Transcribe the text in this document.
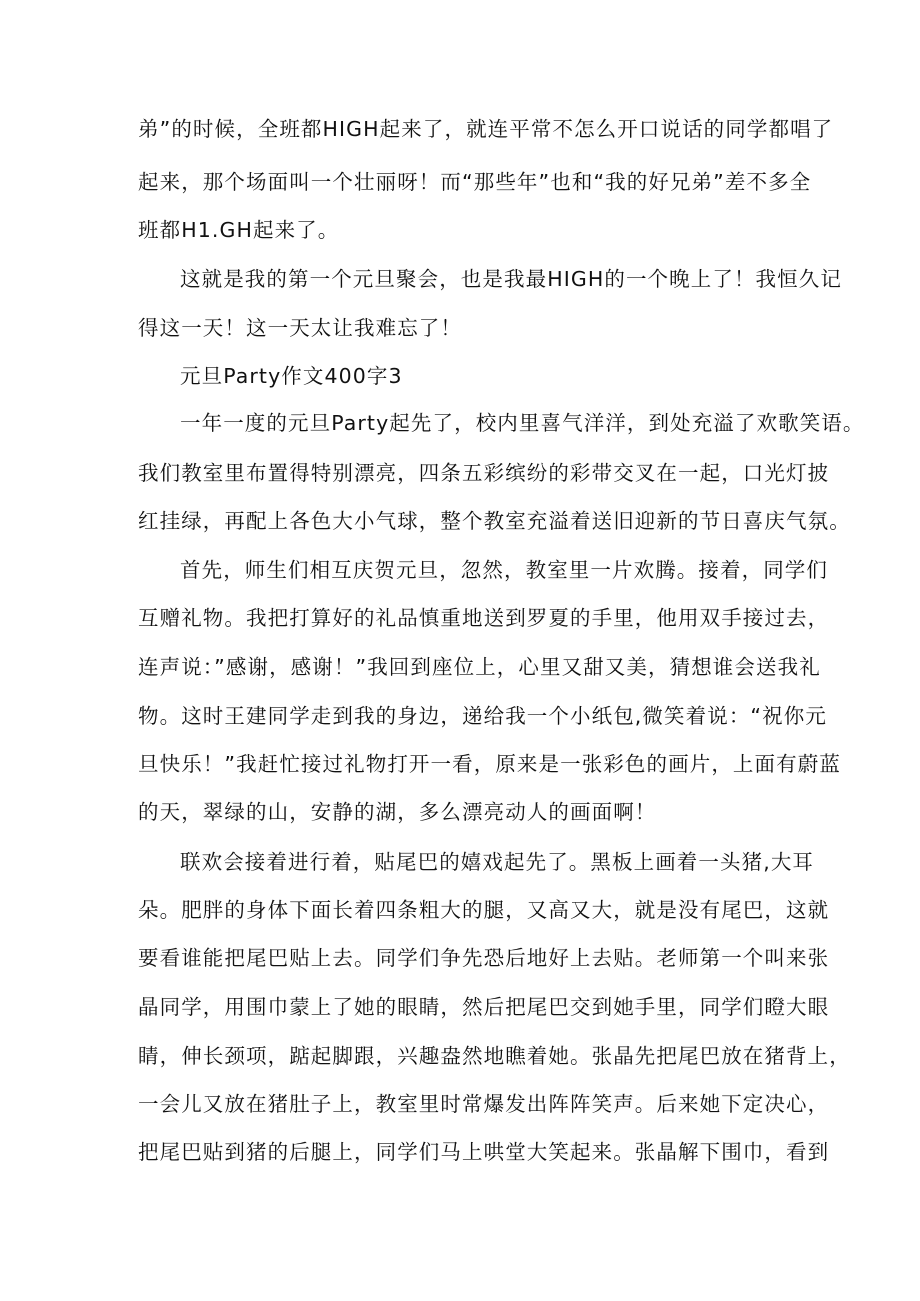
弟”的时候，全班都HIGH起来了，就连平常不怎么开口说话的同学都唱了
起来，那个场面叫一个壮丽呀！而“那些年”也和“我的好兄弟”差不多全
班都H1.GH起来了。
这就是我的第一个元旦聚会，也是我最HIGH的一个晚上了！我恒久记
得这一天！这一天太让我难忘了！
元旦Party作文400字3
一年一度的元旦Party起先了，校内里喜气洋洋，到处充溢了欢歌笑语。
我们教室里布置得特别漂亮，四条五彩缤纷的彩带交叉在一起，口光灯披
红挂绿，再配上各色大小气球，整个教室充溢着送旧迎新的节日喜庆气氛。
首先，师生们相互庆贺元旦，忽然，教室里一片欢腾。接着，同学们
互赠礼物。我把打算好的礼品慎重地送到罗夏的手里，他用双手接过去，
连声说：”感谢，感谢！”我回到座位上，心里又甜又美，猜想谁会送我礼
物。这时王建同学走到我的身边，递给我一个小纸包,微笑着说：“祝你元
旦快乐！”我赶忙接过礼物打开一看，原来是一张彩色的画片，上面有蔚蓝
的天，翠绿的山，安静的湖，多么漂亮动人的画面啊！
联欢会接着进行着，贴尾巴的嬉戏起先了。黑板上画着一头猪,大耳
朵。肥胖的身体下面长着四条粗大的腿，又高又大，就是没有尾巴，这就
要看谁能把尾巴贴上去。同学们争先恐后地好上去贴。老师第一个叫来张
晶同学，用围巾蒙上了她的眼睛，然后把尾巴交到她手里，同学们瞪大眼
睛，伸长颈项，踮起脚跟，兴趣盎然地瞧着她。张晶先把尾巴放在猪背上，
一会儿又放在猪肚子上，教室里时常爆发出阵阵笑声。后来她下定决心，
把尾巴贴到猪的后腿上，同学们马上哄堂大笑起来。张晶解下围巾，看到
